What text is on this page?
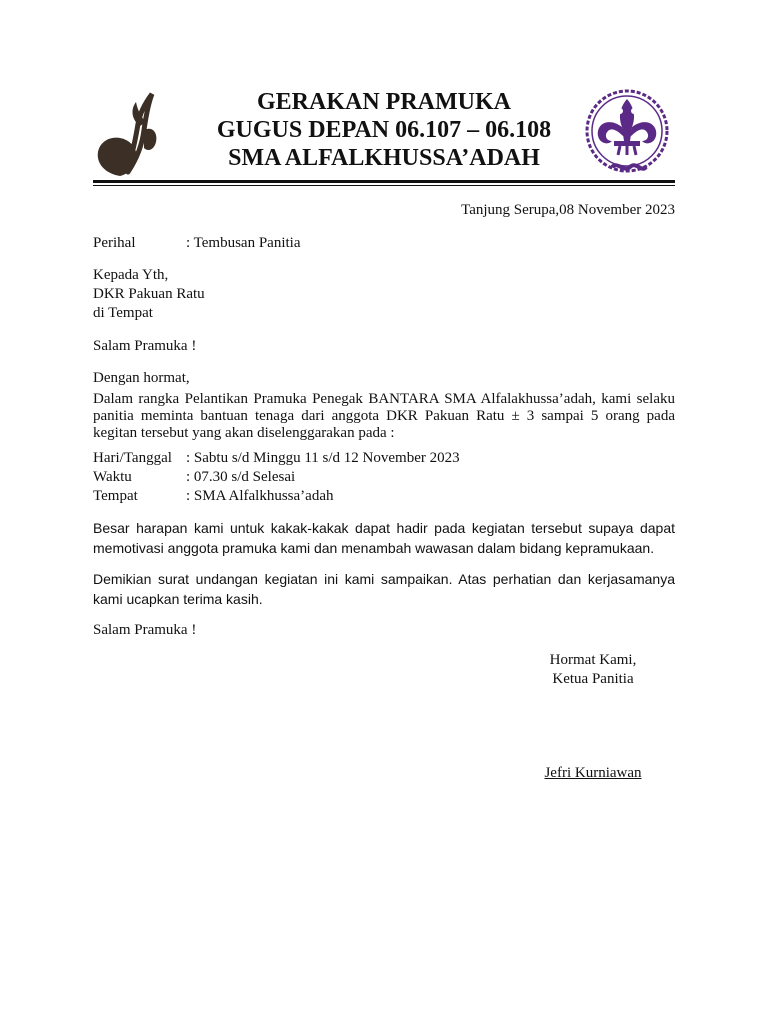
GERAKAN PRAMUKA
GUGUS DEPAN 06.107 – 06.108
SMA ALFALKHUSSA’ADAH
Tanjung Serupa,08 November 2023
Perihal	: Tembusan Panitia
Kepada Yth,
DKR Pakuan Ratu
di Tempat
Salam Pramuka !
Dengan hormat,
Dalam rangka Pelantikan Pramuka Penegak BANTARA SMA Alfalakhussa’adah, kami selaku panitia meminta bantuan tenaga dari anggota DKR Pakuan Ratu ± 3 sampai 5 orang pada kegitan tersebut yang akan diselenggarakan pada :
Hari/Tanggal : Sabtu s/d Minggu 11 s/d 12 November 2023
Waktu	: 07.30 s/d Selesai
Tempat	: SMA Alfalkhussa’adah
Besar harapan kami untuk kakak-kakak dapat hadir pada kegiatan tersebut supaya dapat memotivasi anggota pramuka kami dan menambah wawasan dalam bidang kepramukaan.
Demikian surat undangan kegiatan ini kami sampaikan. Atas perhatian dan kerjasamanya kami ucapkan terima kasih.
Salam Pramuka !
Hormat Kami,
Ketua Panitia
Jefri Kurniawan
